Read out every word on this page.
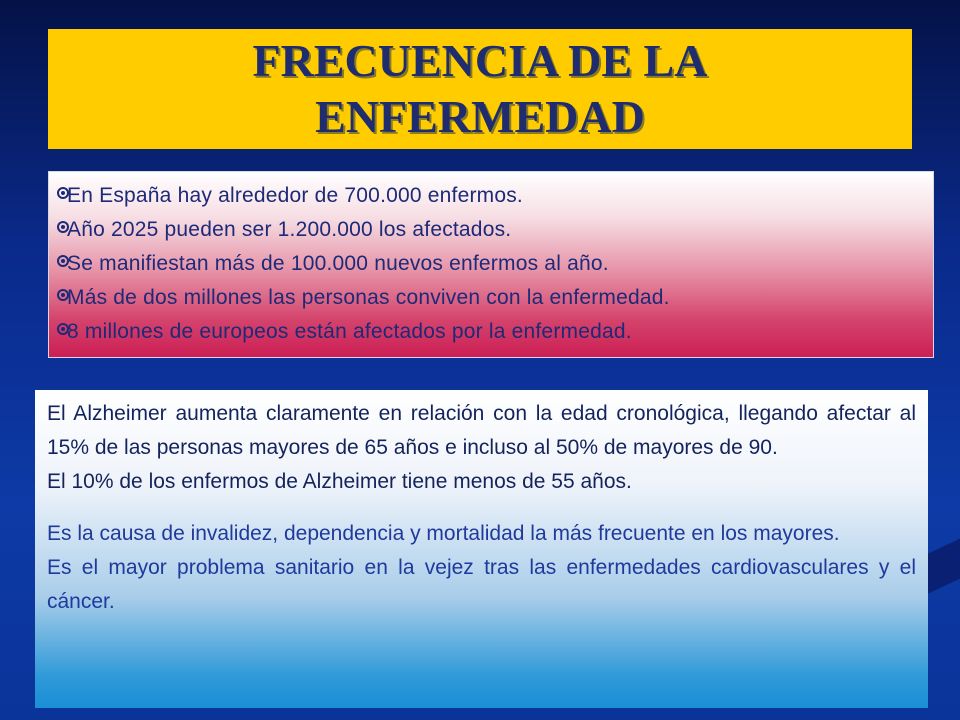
FRECUENCIA DE LA
ENFERMEDAD
En España hay alrededor de 700.000 enfermos.
Año 2025 pueden ser 1.200.000 los afectados.
Se manifiestan más de 100.000 nuevos enfermos al año.
Más de dos millones las personas conviven con la enfermedad.
8 millones de europeos están afectados por la enfermedad.

El Alzheimer aumenta claramente en relación con la edad cronológica, llegando afectar al 15% de las personas mayores de 65 años e incluso al 50% de mayores de 90.

El 10% de los enfermos de Alzheimer tiene menos de 55 años.

Es la causa de invalidez, dependencia y mortalidad la más frecuente en los mayores.

Es el mayor problema sanitario en la vejez tras las enfermedades cardiovasculares y el cáncer.
